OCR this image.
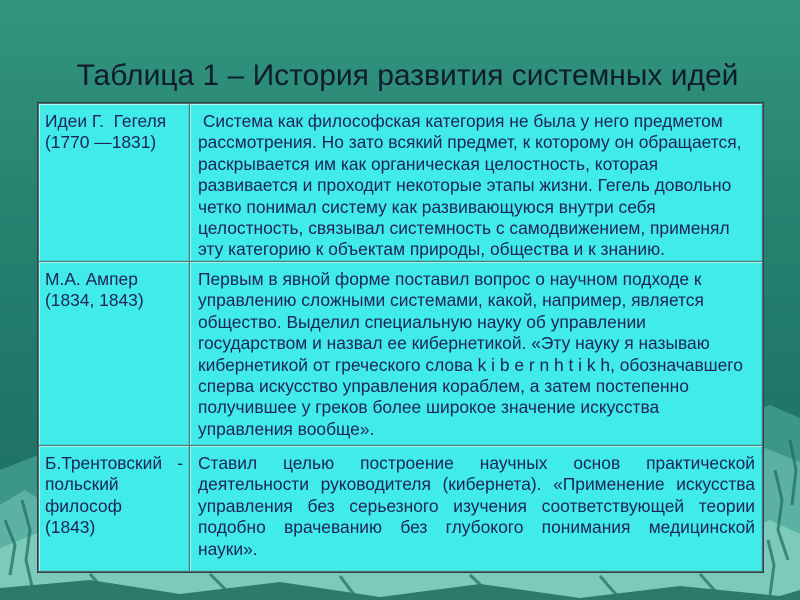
Таблица 1 – История развития системных идей
Идеи Г.  Гегеля
(1770 —1831)
Система как философская категория не была у него предметом
рассмотрения. Но зато всякий предмет, к которому он обращается,
раскрывается им как органическая целостность, которая
развивается и проходит некоторые этапы жизни. Гегель довольно
четко понимал систему как развивающуюся внутри себя
целостность, связывал системность с самодвижением, применял
эту категорию к объектам природы, общества и к знанию.
М.А. Ампер
(1834, 1843)
Первым в явной форме поставил вопрос о научном подходе к
управлению сложными системами, какой, например, является
общество. Выделил специальную науку об управлении
государством и назвал ее кибернетикой. «Эту науку я называю
кибернетикой от греческого слова k i b e r n h t i k h, обозначавшего
сперва искусство управления кораблем, а затем постепенно
получившее у греков более широкое значение искусства
управления вообще».
Б.Трентовский -
польский
философ
(1843)
Ставил целью построение научных основ практической
деятельности руководителя (кибернета). «Применение искусства
управления без серьезного изучения соответствующей теории
подобно врачеванию без глубокого понимания медицинской
науки».
